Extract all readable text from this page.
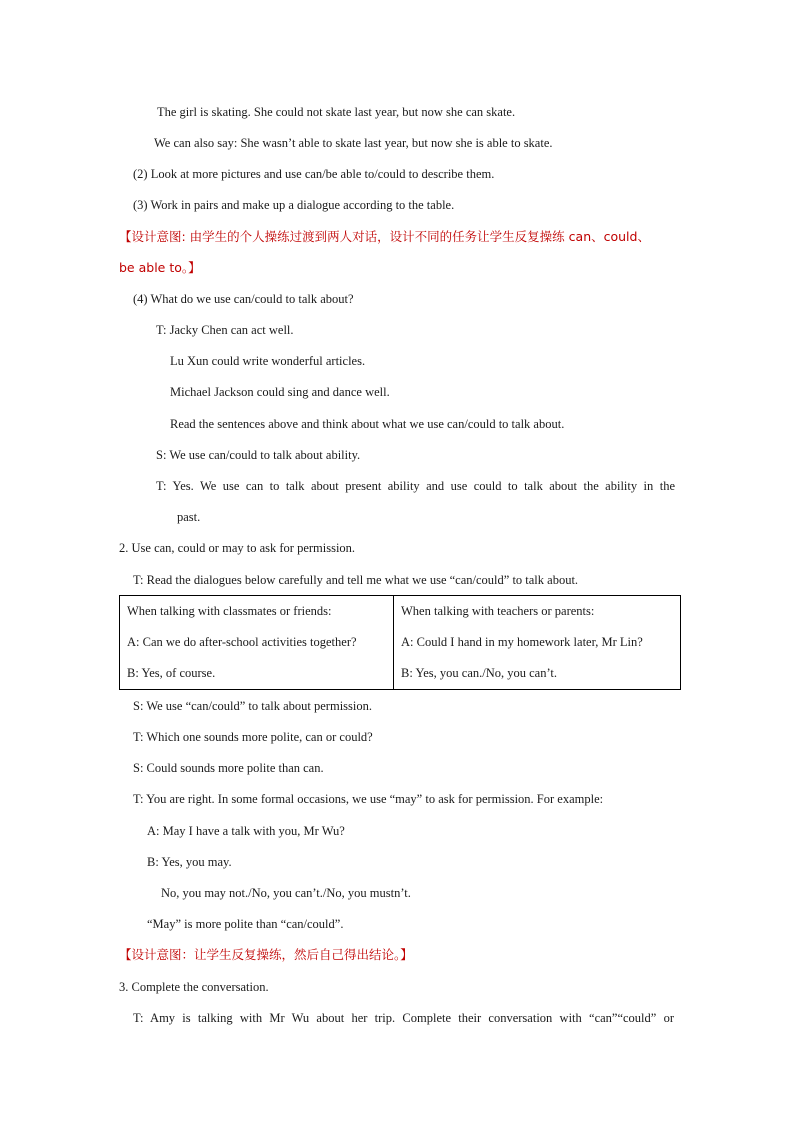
The girl is skating. She could not skate last year, but now she can skate.
We can also say: She wasn’t able to skate last year, but now she is able to skate.
(2) Look at more pictures and use can/be able to/could to describe them.
(3) Work in pairs and make up a dialogue according to the table.
【设计意图: 由学生的个人操练过渡到两人对话，设计不同的任务让学生反复操练 can、could、
be able to。】
(4) What do we use can/could to talk about?
T: Jacky Chen can act well.
Lu Xun could write wonderful articles.
Michael Jackson could sing and dance well.
Read the sentences above and think about what we use can/could to talk about.
S: We use can/could to talk about ability.
T: Yes. We use can to talk about present ability and use could to talk about the ability in the
past.
2. Use can, could or may to ask for permission.
T: Read the dialogues below carefully and tell me what we use “can/could” to talk about.
When talking with classmates or friends:	When talking with teachers or parents:
A: Can we do after-school activities together?	A: Could I hand in my homework later, Mr Lin?
B: Yes, of course.	B: Yes, you can./No, you can’t.
S: We use “can/could” to talk about permission.
T: Which one sounds more polite, can or could?
S: Could sounds more polite than can.
T: You are right. In some formal occasions, we use “may” to ask for permission. For example:
A: May I have a talk with you, Mr Wu?
B: Yes, you may.
No, you may not./No, you can’t./No, you mustn’t.
“May” is more polite than “can/could”.
【设计意图：让学生反复操练，然后自己得出结论。】
3. Complete the conversation.
T: Amy is talking with Mr Wu about her trip. Complete their conversation with “can”“could” or
